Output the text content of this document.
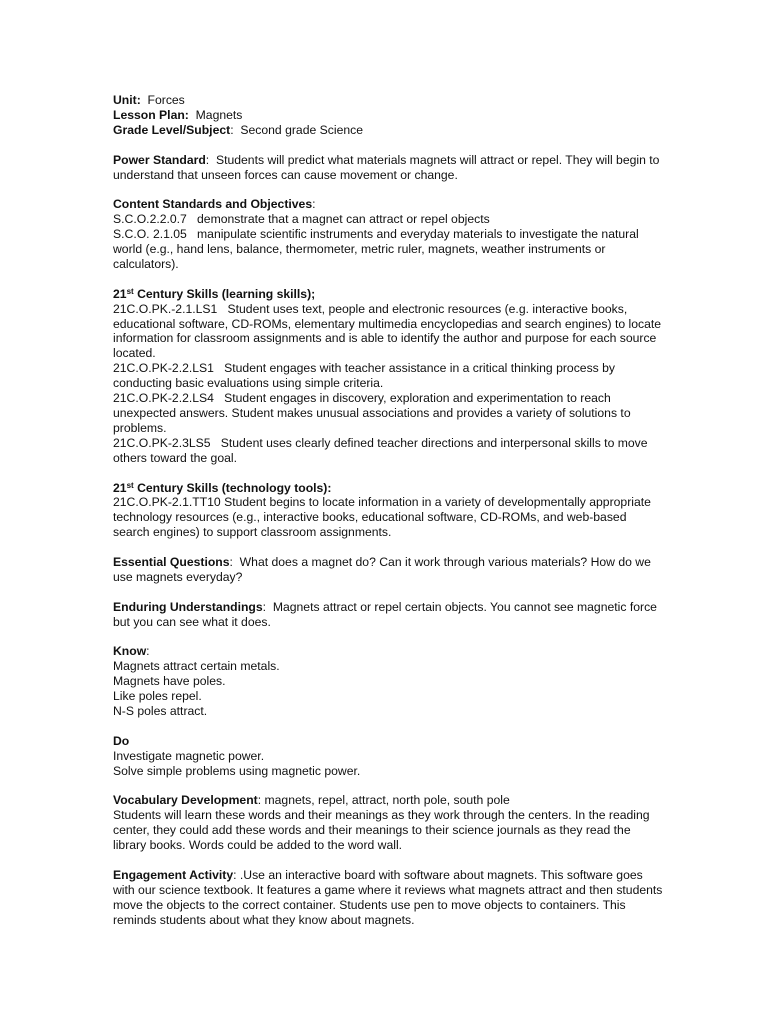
Unit: Forces

Lesson Plan: Magnets

Grade Level/Subject:  Second grade Science

Power Standard:  Students will predict what materials magnets will attract or repel. They will begin to understand that unseen forces can cause movement or change.

Content Standards and Objectives:

S.C.O.2.2.0.7 demonstrate that a magnet can attract or repel objects

S.C.O. 2.1.05 manipulate scientific instruments and everyday materials to investigate the natural world (e.g., hand lens, balance, thermometer, metric ruler, magnets, weather instruments or calculators).

21st Century Skills (learning skills);

21C.O.PK.-2.1.LS1 Student uses text, people and electronic resources (e.g. interactive books, educational software, CD-ROMs, elementary multimedia encyclopedias and search engines) to locate information for classroom assignments and is able to identify the author and purpose for each source located.

21C.O.PK-2.2.LS1 Student engages with teacher assistance in a critical thinking process by conducting basic evaluations using simple criteria.

21C.O.PK-2.2.LS4 Student engages in discovery, exploration and experimentation to reach unexpected answers. Student makes unusual associations and provides a variety of solutions to problems.

21C.O.PK-2.3LS5 Student uses clearly defined teacher directions and interpersonal skills to move others toward the goal.

21st Century Skills (technology tools):

21C.O.PK-2.1.TT10 Student begins to locate information in a variety of developmentally appropriate technology resources (e.g., interactive books, educational software, CD-ROMs, and web-based search engines) to support classroom assignments.

Essential Questions:  What does a magnet do? Can it work through various materials? How do we use magnets everyday?

Enduring Understandings:  Magnets attract or repel certain objects. You cannot see magnetic force but you can see what it does.

Know:

Magnets attract certain metals.

Magnets have poles.

Like poles repel.

N-S poles attract.

Do

Investigate magnetic power.

Solve simple problems using magnetic power.

Vocabulary Development: magnets, repel, attract, north pole, south pole

Students will learn these words and their meanings as they work through the centers. In the reading center, they could add these words and their meanings to their science journals as they read the library books. Words could be added to the word wall.

Engagement Activity: .Use an interactive board with software about magnets. This software goes with our science textbook. It features a game where it reviews what magnets attract and then students move the objects to the correct container. Students use pen to move objects to containers. This reminds students about what they know about magnets.
